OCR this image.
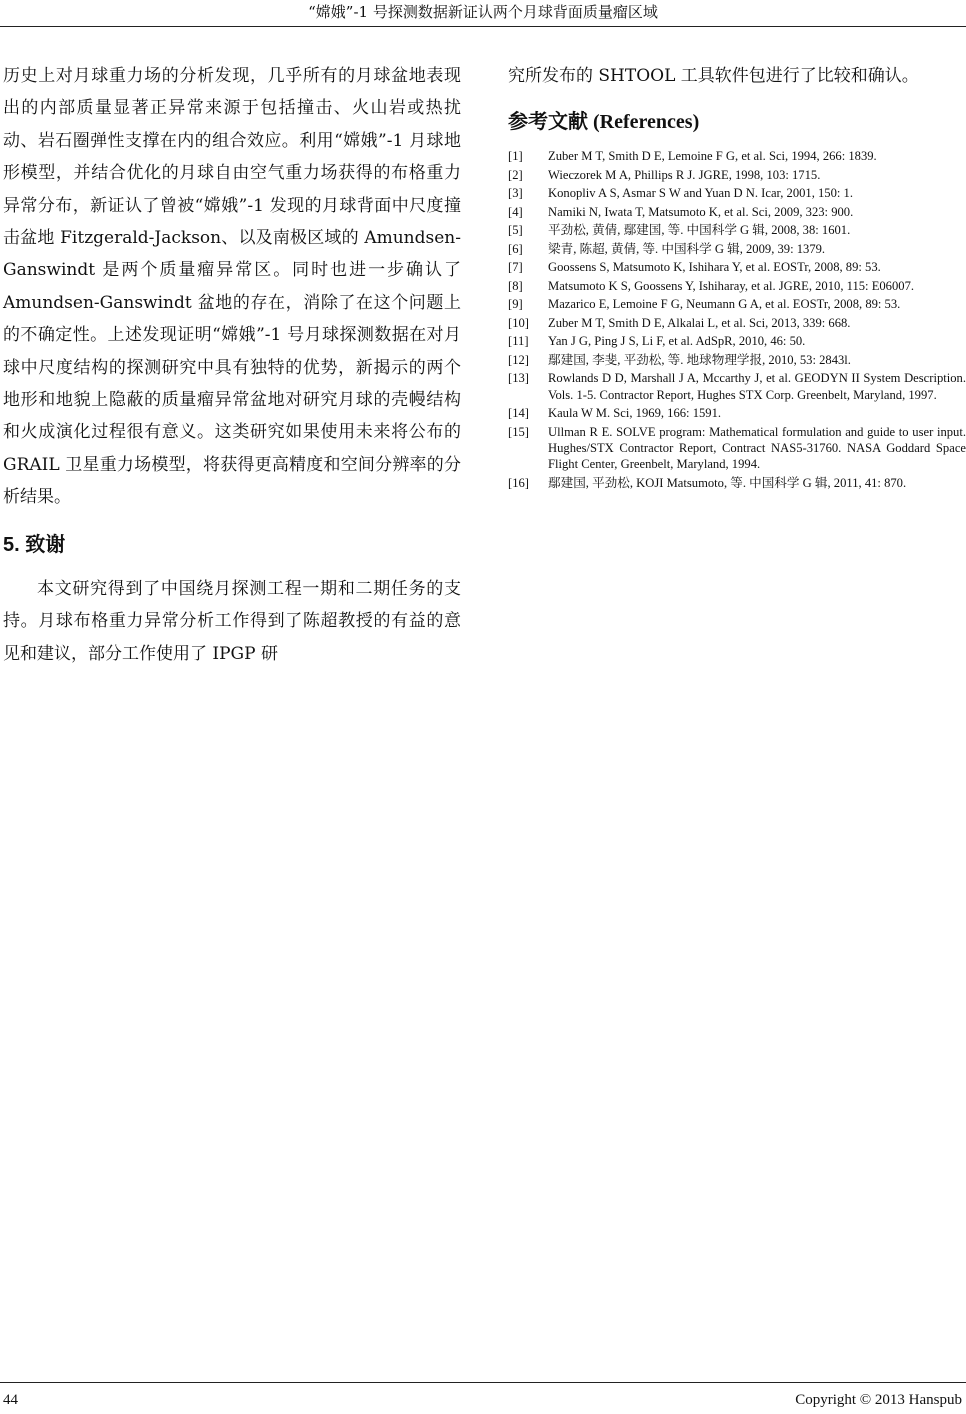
“嫦娥”-1 号探测数据新证认两个月球背面质量瘤区域

历史上对月球重力场的分析发现，几乎所有的月球盆地表现出的内部质量显著正异常来源于包括撞击、火山岩或热扰动、岩石圈弹性支撑在内的组合效应。利用“嫦娥”-1 月球地形模型，并结合优化的月球自由空气重力场获得的布格重力异常分布，新证认了曾被“嫦娥”-1 发现的月球背面中尺度撞击盆地 Fitzgerald-Jackson、以及南极区域的 Amundsen-Ganswindt 是两个质量瘤异常区。同时也进一步确认了 Amundsen-Ganswindt 盆地的存在，消除了在这个问题上的不确定性。上述发现证明“嫦娥”-1 号月球探测数据在对月球中尺度结构的探测研究中具有独特的优势，新揭示的两个地形和地貌上隐蔽的质量瘤异常盆地对研究月球的壳幔结构和火成演化过程很有意义。这类研究如果使用未来将公布的 GRAIL 卫星重力场模型，将获得更高精度和空间分辨率的分析结果。

5. 致谢

本文研究得到了中国绕月探测工程一期和二期任务的支持。月球布格重力异常分析工作得到了陈超教授的有益的意见和建议，部分工作使用了 IPGP 研

究所发布的 SHTOOL 工具软件包进行了比较和确认。

参考文献 (References)
[1]	Zuber M T, Smith D E, Lemoine F G, et al. Sci, 1994, 266: 1839.
[2]	Wieczorek M A, Phillips R J. JGRE, 1998, 103: 1715.
[3]	Konopliv A S, Asmar S W and Yuan D N. Icar, 2001, 150: 1.
[4]	Namiki N, Iwata T, Matsumoto K, et al. Sci, 2009, 323: 900.
[5]	平劲松, 黄倩, 鄢建国, 等. 中国科学 G 辑, 2008, 38: 1601.
[6]	梁青, 陈超, 黄倩, 等. 中国科学 G 辑, 2009, 39: 1379.
[7]	Goossens S, Matsumoto K, Ishihara Y, et al. EOSTr, 2008, 89: 53.
[8]	Matsumoto K S, Goossens Y, Ishiharay, et al. JGRE, 2010, 115: E06007.
[9]	Mazarico E, Lemoine F G, Neumann G A, et al. EOSTr, 2008, 89: 53.
[10]	Zuber M T, Smith D E, Alkalai L, et al. Sci, 2013, 339: 668.
[11]	Yan J G, Ping J S, Li F, et al. AdSpR, 2010, 46: 50.
[12]	鄢建国, 李斐, 平劲松, 等. 地球物理学报, 2010, 53: 2843l.
[13]	Rowlands D D, Marshall J A, Mccarthy J, et al. GEODYN II System Description. Vols. 1-5. Contractor Report, Hughes STX Corp. Greenbelt, Maryland, 1997.
[14]	Kaula W M. Sci, 1969, 166: 1591.
[15]	Ullman R E. SOLVE program: Mathematical formulation and guide to user input. Hughes/STX Contractor Report, Contract NAS5-31760. NASA Goddard Space Flight Center, Greenbelt, Maryland, 1994.
[16]	鄢建国, 平劲松, KOJI Matsumoto, 等. 中国科学 G 辑, 2011, 41: 870.
44	Copyright © 2013 Hanspub
